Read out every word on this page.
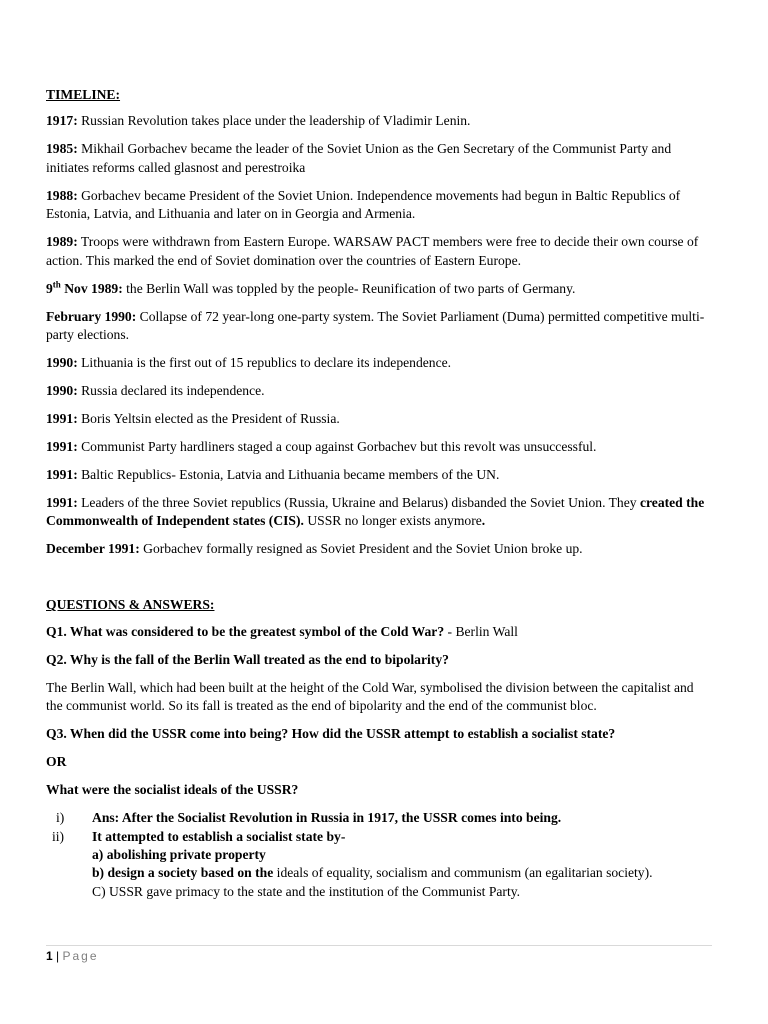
TIMELINE:
1917: Russian Revolution takes place under the leadership of Vladimir Lenin.
1985: Mikhail Gorbachev became the leader of the Soviet Union as the Gen Secretary of the Communist Party and initiates reforms called glasnost and perestroika
1988: Gorbachev became President of the Soviet Union. Independence movements had begun in Baltic Republics of Estonia, Latvia, and Lithuania and later on in Georgia and Armenia.
1989: Troops were withdrawn from Eastern Europe. WARSAW PACT members were free to decide their own course of action. This marked the end of Soviet domination over the countries of Eastern Europe.
9th Nov 1989: the Berlin Wall was toppled by the people- Reunification of two parts of Germany.
February 1990: Collapse of 72 year-long one-party system. The Soviet Parliament (Duma) permitted competitive multi-party elections.
1990: Lithuania is the first out of 15 republics to declare its independence.
1990: Russia declared its independence.
1991: Boris Yeltsin elected as the President of Russia.
1991: Communist Party hardliners staged a coup against Gorbachev but this revolt was unsuccessful.
1991: Baltic Republics- Estonia, Latvia and Lithuania became members of the UN.
1991: Leaders of the three Soviet republics (Russia, Ukraine and Belarus) disbanded the Soviet Union. They created the Commonwealth of Independent states (CIS). USSR no longer exists anymore.
December 1991: Gorbachev formally resigned as Soviet President and the Soviet Union broke up.
QUESTIONS & ANSWERS:
Q1. What was considered to be the greatest symbol of the Cold War? - Berlin Wall
Q2. Why is the fall of the Berlin Wall treated as the end to bipolarity?
The Berlin Wall, which had been built at the height of the Cold War, symbolised the division between the capitalist and the communist world. So its fall is treated as the end of bipolarity and the end of the communist bloc.
Q3. When did the USSR come into being? How did the USSR attempt to establish a socialist state?
OR
What were the socialist ideals of the USSR?
i)	Ans: After the Socialist Revolution in Russia in 1917, the USSR comes into being.
ii)	It attempted to establish a socialist state by-
a) abolishing private property
b) design a society based on the ideals of equality, socialism and communism (an egalitarian society).
C) USSR gave primacy to the state and the institution of the Communist Party.
1 | Page
